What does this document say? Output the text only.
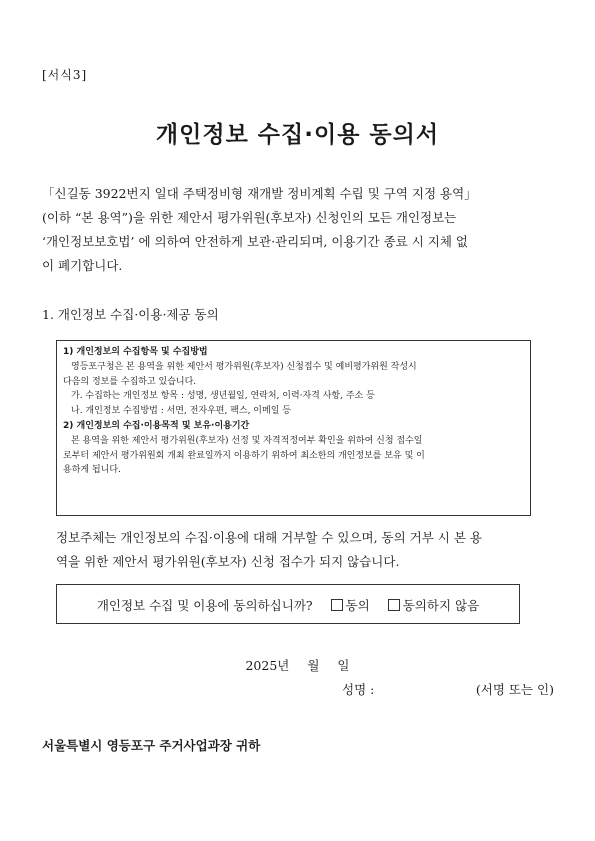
[서식3]
개인정보 수집·이용 동의서
「신길동 3922번지 일대 주택정비형 재개발 정비계획 수립 및 구역 지정 용역」
(이하 “본 용역”)을 위한 제안서 평가위원(후보자) 신청인의 모든 개인정보는
‘개인정보보호법’ 에 의하여 안전하게 보관·관리되며, 이용기간 종료 시 지체 없
이 폐기합니다.
1. 개인정보 수집·이용·제공 동의
1) 개인정보의 수집항목 및 수집방법
영등포구청은 본 용역을 위한 제안서 평가위원(후보자) 신청접수 및 예비평가위원 작성시
다음의 정보를 수집하고 있습니다.
가. 수집하는 개인정보 항목 : 성명, 생년월일, 연락처, 이력·자격 사항, 주소 등
나. 개인정보 수집방법 : 서면, 전자우편, 팩스, 이메일 등
2) 개인정보의 수집·이용목적 및 보유·이용기간
본 용역을 위한 제안서 평가위원(후보자) 선정 및 자격적정여부 확인을 위하여 신청 접수일
로부터 제안서 평가위원회 개최 완료일까지 이용하기 위하여 최소한의 개인정보를 보유 및 이
용하게 됩니다.
정보주체는 개인정보의 수집·이용에 대해 거부할 수 있으며, 동의 거부 시 본 용
역을 위한 제안서 평가위원(후보자) 신청 접수가 되지 않습니다.
개인정보 수집 및 이용에 동의하십니까?	동의	동의하지 않음
2025년 월 일
성명 :	(서명 또는 인)
서울특별시 영등포구 주거사업과장 귀하
